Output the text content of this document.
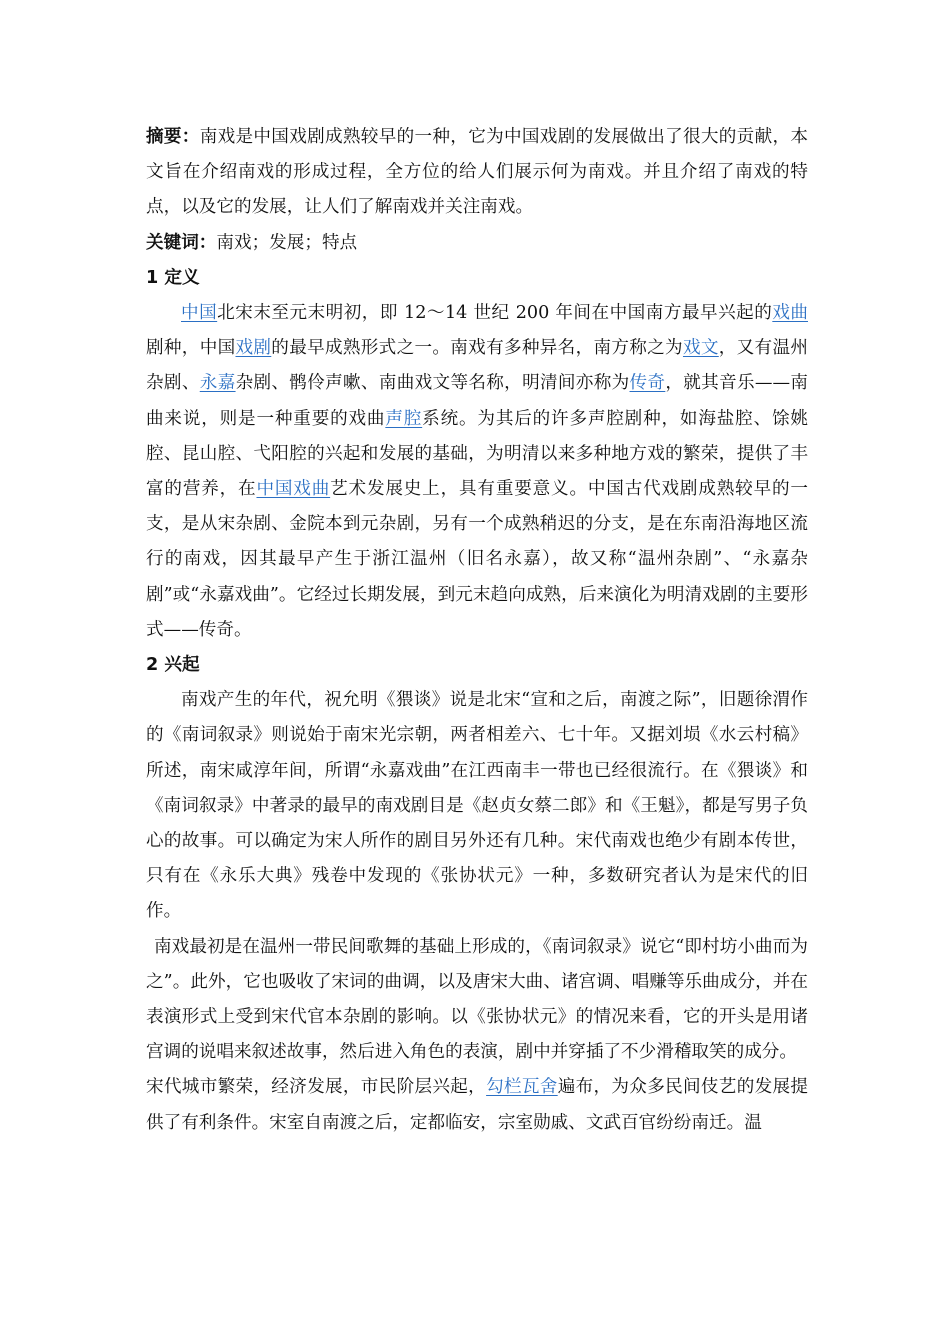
摘要：南戏是中国戏剧成熟较早的一种，它为中国戏剧的发展做出了很大的贡献，本文旨在介绍南戏的形成过程，全方位的给人们展示何为南戏。并且介绍了南戏的特点，以及它的发展，让人们了解南戏并关注南戏。

关键词：南戏；发展；特点

1 定义

中国北宋末至元末明初，即 12～14 世纪 200 年间在中国南方最早兴起的戏曲剧种，中国戏剧的最早成熟形式之一。南戏有多种异名，南方称之为戏文，又有温州杂剧、永嘉杂剧、鹘伶声嗽、南曲戏文等名称，明清间亦称为传奇，就其音乐——南曲来说，则是一种重要的戏曲声腔系统。为其后的许多声腔剧种，如海盐腔、馀姚腔、昆山腔、弋阳腔的兴起和发展的基础，为明清以来多种地方戏的繁荣，提供了丰富的营养，在中国戏曲艺术发展史上，具有重要意义。中国古代戏剧成熟较早的一支，是从宋杂剧、金院本到元杂剧，另有一个成熟稍迟的分支，是在东南沿海地区流行的南戏，因其最早产生于浙江温州（旧名永嘉），故又称“温州杂剧”、“永嘉杂剧”或“永嘉戏曲”。它经过长期发展，到元末趋向成熟，后来演化为明清戏剧的主要形式——传奇。

2 兴起

南戏产生的年代，祝允明《猥谈》说是北宋“宣和之后，南渡之际”，旧题徐渭作的《南词叙录》则说始于南宋光宗朝，两者相差六、七十年。又据刘埙《水云村稿》所述，南宋咸淳年间，所谓“永嘉戏曲”在江西南丰一带也已经很流行。在《猥谈》和《南词叙录》中著录的最早的南戏剧目是《赵贞女蔡二郎》和《王魁》，都是写男子负心的故事。可以确定为宋人所作的剧目另外还有几种。宋代南戏也绝少有剧本传世，只有在《永乐大典》残卷中发现的《张协状元》一种，多数研究者认为是宋代的旧作。

南戏最初是在温州一带民间歌舞的基础上形成的，《南词叙录》说它“即村坊小曲而为之”。此外，它也吸收了宋词的曲调，以及唐宋大曲、诸宫调、唱赚等乐曲成分，并在表演形式上受到宋代官本杂剧的影响。以《张协状元》的情况来看，它的开头是用诸宫调的说唱来叙述故事，然后进入角色的表演，剧中并穿插了不少滑稽取笑的成分。

宋代城市繁荣，经济发展，市民阶层兴起，勾栏瓦舍遍布，为众多民间伎艺的发展提供了有利条件。宋室自南渡之后，定都临安，宗室勋戚、文武百官纷纷南迁。温
